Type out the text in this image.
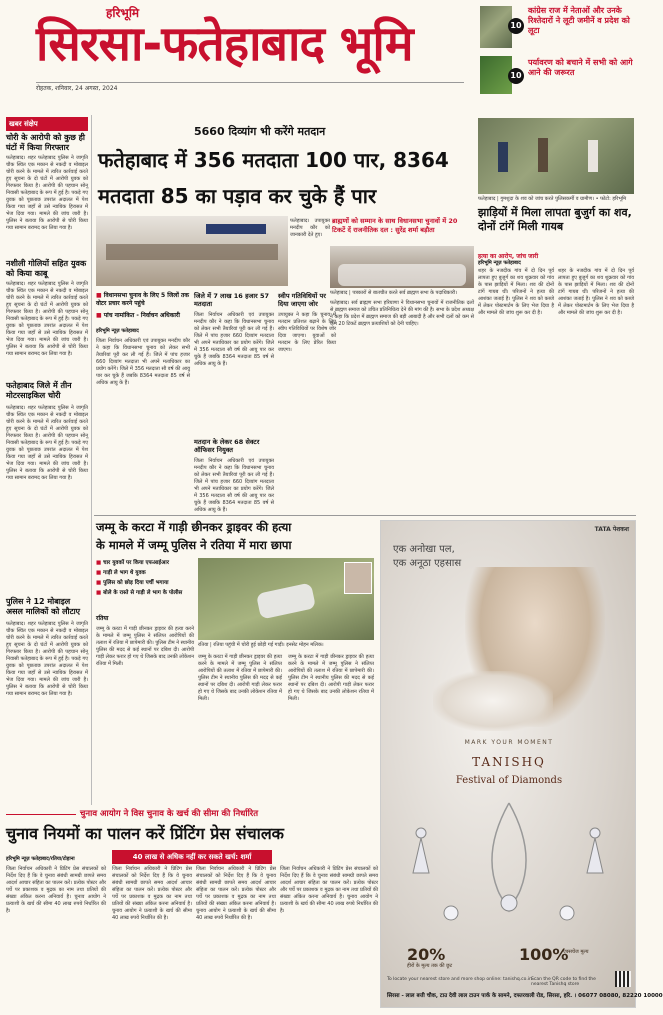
हरिभूमि
सिरसा-फतेहाबाद भूमि
रोहतक, शनिवार, 24 अगस्त, 2024
10
कांग्रेस राज में नेताओं और उनके रिश्तेदारों ने लूटी जमीनें व प्रदेश को लूटा
10
पर्यावरण को बचाने में सभी को आगे आने की जरूरत
खबर संक्षेप
चोरी के आरोपी को कुछ ही घंटों में किया गिरफ्तार
फतेहाबाद। शहर फतेहाबाद पुलिस ने जागृति चौक स्थित एक मकान से नकदी व मोबाइल चोरी करने के मामले में त्वरित कार्रवाई करते हुए सूचना के दो घंटों में आरोपी युवक को गिरफ्तार किया है। आरोपी की पहचान सोनू निवासी फतेहाबाद के रूप में हुई है। पकड़े गए युवक को पूछताछ उपरांत अदालत में पेश किया गया जहाँ से उसे न्यायिक हिरासत में भेज दिया गया। मामले की जांच जारी है। पुलिस ने बताया कि आरोपी से चोरी किया गया सामान बरामद कर लिया गया है।
नशीली गोलियों सहित युवक को किया काबू
फतेहाबाद। शहर फतेहाबाद पुलिस ने जागृति चौक स्थित एक मकान से नकदी व मोबाइल चोरी करने के मामले में त्वरित कार्रवाई करते हुए सूचना के दो घंटों में आरोपी युवक को गिरफ्तार किया है। आरोपी की पहचान सोनू निवासी फतेहाबाद के रूप में हुई है। पकड़े गए युवक को पूछताछ उपरांत अदालत में पेश किया गया जहाँ से उसे न्यायिक हिरासत में भेज दिया गया। मामले की जांच जारी है। पुलिस ने बताया कि आरोपी से चोरी किया गया सामान बरामद कर लिया गया है।
फतेहाबाद जिले में तीन मोटरसाइकिल चोरी
फतेहाबाद। शहर फतेहाबाद पुलिस ने जागृति चौक स्थित एक मकान से नकदी व मोबाइल चोरी करने के मामले में त्वरित कार्रवाई करते हुए सूचना के दो घंटों में आरोपी युवक को गिरफ्तार किया है। आरोपी की पहचान सोनू निवासी फतेहाबाद के रूप में हुई है। पकड़े गए युवक को पूछताछ उपरांत अदालत में पेश किया गया जहाँ से उसे न्यायिक हिरासत में भेज दिया गया। मामले की जांच जारी है। पुलिस ने बताया कि आरोपी से चोरी किया गया सामान बरामद कर लिया गया है।
पुलिस ने 12 मोबाइल असल मालिकों को लौटाए
फतेहाबाद। शहर फतेहाबाद पुलिस ने जागृति चौक स्थित एक मकान से नकदी व मोबाइल चोरी करने के मामले में त्वरित कार्रवाई करते हुए सूचना के दो घंटों में आरोपी युवक को गिरफ्तार किया है। आरोपी की पहचान सोनू निवासी फतेहाबाद के रूप में हुई है। पकड़े गए युवक को पूछताछ उपरांत अदालत में पेश किया गया जहाँ से उसे न्यायिक हिरासत में भेज दिया गया। मामले की जांच जारी है। पुलिस ने बताया कि आरोपी से चोरी किया गया सामान बरामद कर लिया गया है।
5660 दिव्यांग भी करेंगे मतदान
फतेहाबाद में 356 मतदाता 100 पार, 8364
मतदाता 85 का पड़ाव कर चुके हैं पार
फतेहाबाद। उपायुक्त मनदीप कौर को जानकारी देते हुए।
■ विधानसभा चुनाव के लिए 5 जिलों तक वोटर प्रचार करने पहुंचे
■ पांच नामांकित - निर्वाचन अधिकारी
हरिभूमि न्यूज़ फतेहाबाद
जिला निर्वाचन अधिकारी एवं उपायुक्त मनदीप कौर ने कहा कि विधानसभा चुनाव को लेकर सभी तैयारियां पूरी कर ली गई हैं। जिले में पांच हजार 660 दिव्यांग मतदाता भी अपने मताधिकार का प्रयोग करेंगे। जिले में 356 मतदाता सौ वर्ष की आयु पार कर चुके हैं जबकि 8364 मतदाता 85 वर्ष से अधिक आयु के हैं।
जिले में 7 लाख 16 हजार 57 मतदाता
जिला निर्वाचन अधिकारी एवं उपायुक्त मनदीप कौर ने कहा कि विधानसभा चुनाव को लेकर सभी तैयारियां पूरी कर ली गई हैं। जिले में पांच हजार 660 दिव्यांग मतदाता भी अपने मताधिकार का प्रयोग करेंगे। जिले में 356 मतदाता सौ वर्ष की आयु पार कर चुके हैं जबकि 8364 मतदाता 85 वर्ष से अधिक आयु के हैं।
मतदान के लेकर 68 सेक्टर ऑफिसर नियुक्त
जिला निर्वाचन अधिकारी एवं उपायुक्त मनदीप कौर ने कहा कि विधानसभा चुनाव को लेकर सभी तैयारियां पूरी कर ली गई हैं। जिले में पांच हजार 660 दिव्यांग मतदाता भी अपने मताधिकार का प्रयोग करेंगे। जिले में 356 मतदाता सौ वर्ष की आयु पार कर चुके हैं जबकि 8364 मतदाता 85 वर्ष से अधिक आयु के हैं।
स्वीप गतिविधियों पर दिया जाएगा जोर
उपायुक्त ने कहा कि चुनाव में मतदान प्रतिशत बढ़ाने के लिए स्वीप गतिविधियों पर विशेष जोर दिया जाएगा। युवाओं को मतदान के लिए प्रेरित किया जाएगा।
ब्राह्मणों को सम्मान के साथ विधानसभा चुनावों में 20 टिकटें दें राजनीतिक दल : सुरेंद्र शर्मा बड़ौता
फतेहाबाद | पत्रकारों से बातचीत करते सर्व ब्राह्मण सभा के पदाधिकारी।
फतेहाबाद। सर्व ब्राह्मण सभा हरियाणा ने विधानसभा चुनावों में राजनीतिक दलों से ब्राह्मण समाज को उचित प्रतिनिधित्व देने की मांग की है। सभा के प्रदेश अध्यक्ष ने कहा कि प्रदेश में ब्राह्मण समाज की बड़ी आबादी है और सभी दलों को कम से कम 20 टिकटें ब्राह्मण प्रत्याशियों को देनी चाहिए।
फतेहाबाद | गुमशुदा के शव को जांच करते पुलिसकर्मी व ग्रामीण। • फोटो: हरिभूमि
झाड़ियों में मिला लापता बुजुर्ग का शव, दोनों टांगें मिली गायब
हत्या का आरोप, जांच जारी
हरिभूमि न्यूज़ फतेहाबाद
शहर के नजदीक गांव में दो दिन पूर्व लापता हुए बुजुर्ग का शव शुक्रवार को गांव के पास झाड़ियों में मिला। शव की दोनों टांगें गायब थीं। परिजनों ने हत्या की आशंका जताई है। पुलिस ने शव को कब्जे में लेकर पोस्टमार्टम के लिए भेज दिया है और मामले की जांच शुरू कर दी है।
शहर के नजदीक गांव में दो दिन पूर्व लापता हुए बुजुर्ग का शव शुक्रवार को गांव के पास झाड़ियों में मिला। शव की दोनों टांगें गायब थीं। परिजनों ने हत्या की आशंका जताई है। पुलिस ने शव को कब्जे में लेकर पोस्टमार्टम के लिए भेज दिया है और मामले की जांच शुरू कर दी है।
जम्मू के करटा में गाड़ी छीनकर ड्राइवर की हत्या
के मामले में जम्मू पुलिस ने रतिया में मारा छापा
■ चार युवकों पर किया एफआईआर
■ गाड़ी ले भाग थे युवक
■ पुलिस को छोड़ दिया पर्ची भगाया
■ बोले के रास्ते से गाड़ी ले भाग के पोलीस
रतिया
रतिया | रतिया पहुंची में चोरी हुई छोड़ी गई गाड़ी। इनसेट मोहन मलिक।
जम्मू के करटा में गाड़ी छीनकर ड्राइवर की हत्या करने के मामले में जम्मू पुलिस ने संलिप्त आरोपियों की तलाश में रतिया में छापेमारी की। पुलिस टीम ने स्थानीय पुलिस की मदद से कई स्थानों पर दबिश दी। आरोपी गाड़ी लेकर फरार हो गए थे जिसके बाद उनकी लोकेशन रतिया में मिली।
जम्मू के करटा में गाड़ी छीनकर ड्राइवर की हत्या करने के मामले में जम्मू पुलिस ने संलिप्त आरोपियों की तलाश में रतिया में छापेमारी की। पुलिस टीम ने स्थानीय पुलिस की मदद से कई स्थानों पर दबिश दी। आरोपी गाड़ी लेकर फरार हो गए थे जिसके बाद उनकी लोकेशन रतिया में मिली।
जम्मू के करटा में गाड़ी छीनकर ड्राइवर की हत्या करने के मामले में जम्मू पुलिस ने संलिप्त आरोपियों की तलाश में रतिया में छापेमारी की। पुलिस टीम ने स्थानीय पुलिस की मदद से कई स्थानों पर दबिश दी। आरोपी गाड़ी लेकर फरार हो गए थे जिसके बाद उनकी लोकेशन रतिया में मिली।
TATA पेशकश
एक अनोखा पल,
एक अनूठा एहसास
MARK YOUR MOMENT
TANISHQ
Festival of Diamonds
20%
हीरों के मूल्य तक की छूट
100%
एक्सचेंज मूल्य
To locate your nearest store and more shop online: tanishq.co.in Scan the QR code to find the nearest Tanishq store
सिरसा - लाल बत्ती चौक, टाउ देवी लाल टाउन पार्क के सामने, दफ्तरवाली रोड, सिरसा, हरि. । 06077 08080, 82220 10000
चुनाव आयोग ने विस चुनाव के खर्च की सीमा की निर्धारित
चुनाव नियमों का पालन करें प्रिंटिंग प्रेस संचालक
हरिभूमि न्यूज़ फतेहाबाद/रतिया/टोहाना
जिला निर्वाचन अधिकारी ने प्रिंटिंग प्रेस संचालकों को निर्देश दिए हैं कि वे चुनाव संबंधी सामग्री छापते समय आदर्श आचार संहिता का पालन करें। प्रत्येक पोस्टर और पर्चे पर प्रकाशक व मुद्रक का नाम तथा प्रतियों की संख्या अंकित करना अनिवार्य है। चुनाव आयोग ने प्रत्याशी के खर्च की सीमा 40 लाख रुपये निर्धारित की है।
40 लाख से अधिक नहीं कर सकते खर्च: शर्मा
जिला निर्वाचन अधिकारी ने प्रिंटिंग प्रेस संचालकों को निर्देश दिए हैं कि वे चुनाव संबंधी सामग्री छापते समय आदर्श आचार संहिता का पालन करें। प्रत्येक पोस्टर और पर्चे पर प्रकाशक व मुद्रक का नाम तथा प्रतियों की संख्या अंकित करना अनिवार्य है। चुनाव आयोग ने प्रत्याशी के खर्च की सीमा 40 लाख रुपये निर्धारित की है।
जिला निर्वाचन अधिकारी ने प्रिंटिंग प्रेस संचालकों को निर्देश दिए हैं कि वे चुनाव संबंधी सामग्री छापते समय आदर्श आचार संहिता का पालन करें। प्रत्येक पोस्टर और पर्चे पर प्रकाशक व मुद्रक का नाम तथा प्रतियों की संख्या अंकित करना अनिवार्य है। चुनाव आयोग ने प्रत्याशी के खर्च की सीमा 40 लाख रुपये निर्धारित की है।
जिला निर्वाचन अधिकारी ने प्रिंटिंग प्रेस संचालकों को निर्देश दिए हैं कि वे चुनाव संबंधी सामग्री छापते समय आदर्श आचार संहिता का पालन करें। प्रत्येक पोस्टर और पर्चे पर प्रकाशक व मुद्रक का नाम तथा प्रतियों की संख्या अंकित करना अनिवार्य है। चुनाव आयोग ने प्रत्याशी के खर्च की सीमा 40 लाख रुपये निर्धारित की है।
